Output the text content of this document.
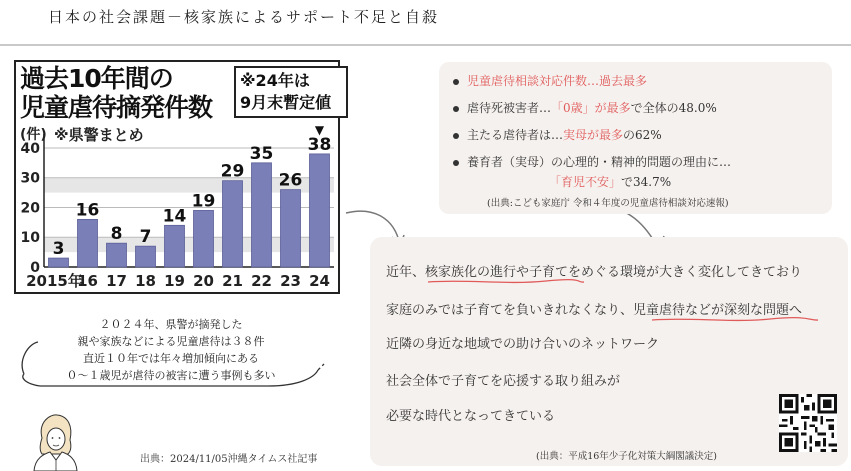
日本の社会課題－核家族によるサポート不足と自殺
0
10
20
30
40
3
2015年
16
16
8
17
7
18
14
19
19
20
29
21
35
22
26
23
38
24
▼
過去10年間の
児童虐待摘発件数
※24年は
9月末暫定値
(件) ※県警まとめ
２０２４年、県警が摘発した
親や家族などによる児童虐待は３８件
直近１０年では年々増加傾向にある
０～１歳児が虐待の被害に遭う事例も多い
出典：2024/11/05沖縄タイムス社記事
児童虐待相談対応件数…過去最多
虐待死被害者…「0歳」が最多で全体の48.0%
主たる虐待者は…実母が最多の62%
養育者（実母）の心理的・精神的問題の理由に…
「育児不安」で34.7%
(出典:こども家庭庁 令和４年度の児童虐待相談対応速報)
近年、核家族化の進行や子育てをめぐる環境が大きく変化してきており
家庭のみでは子育てを負いきれなくなり、児童虐待などが深刻な問題へ
近隣の身近な地域での助け合いのネットワーク
社会全体で子育てを応援する取り組みが
必要な時代となってきている
(出典：平成16年少子化対策大綱閣議決定)
